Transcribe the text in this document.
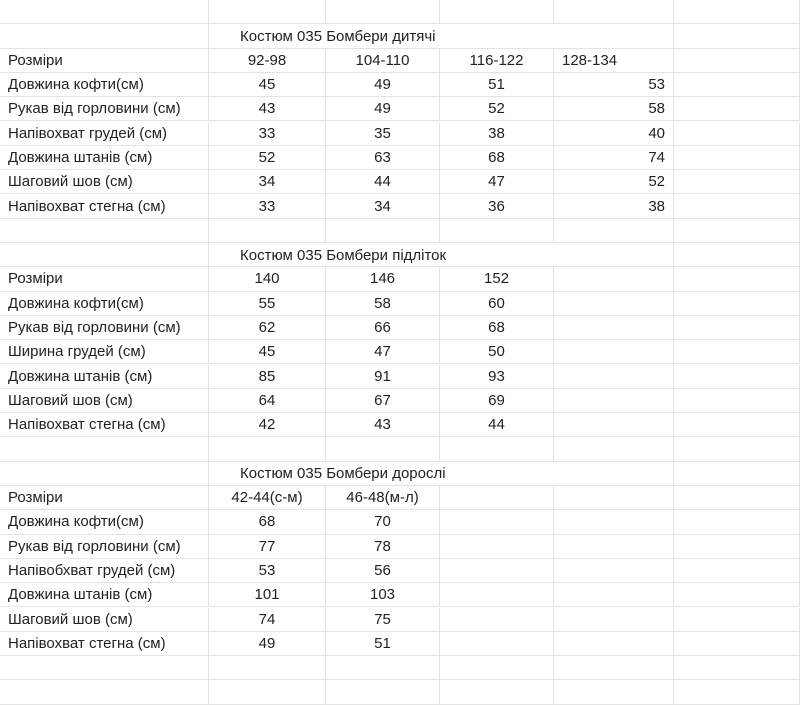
Костюм 035 Бомбери дитячі
Розміри	92-98	104-110	116-122	128-134
Довжина кофти(см)	45	49	51	53
Рукав від горловини (см)	43	49	52	58
Напівохват грудей (см)	33	35	38	40
Довжина штанів (см)	52	63	68	74
Шаговий шов (см)	34	44	47	52
Напівохват стегна (см)	33	34	36	38
Костюм 035 Бомбери підліток
Розміри	140	146	152
Довжина кофти(см)	55	58	60
Рукав від горловини (см)	62	66	68
Ширина грудей (см)	45	47	50
Довжина штанів (см)	85	91	93
Шаговий шов (см)	64	67	69
Напівохват стегна (см)	42	43	44
Костюм 035 Бомбери дорослі
Розміри	42-44(с-м)	46-48(м-л)
Довжина кофти(см)	68	70
Рукав від горловини (см)	77	78
Напівобхват грудей (см)	53	56
Довжина штанів (см)	101	103
Шаговий шов (см)	74	75
Напівохват стегна (см)	49	51
